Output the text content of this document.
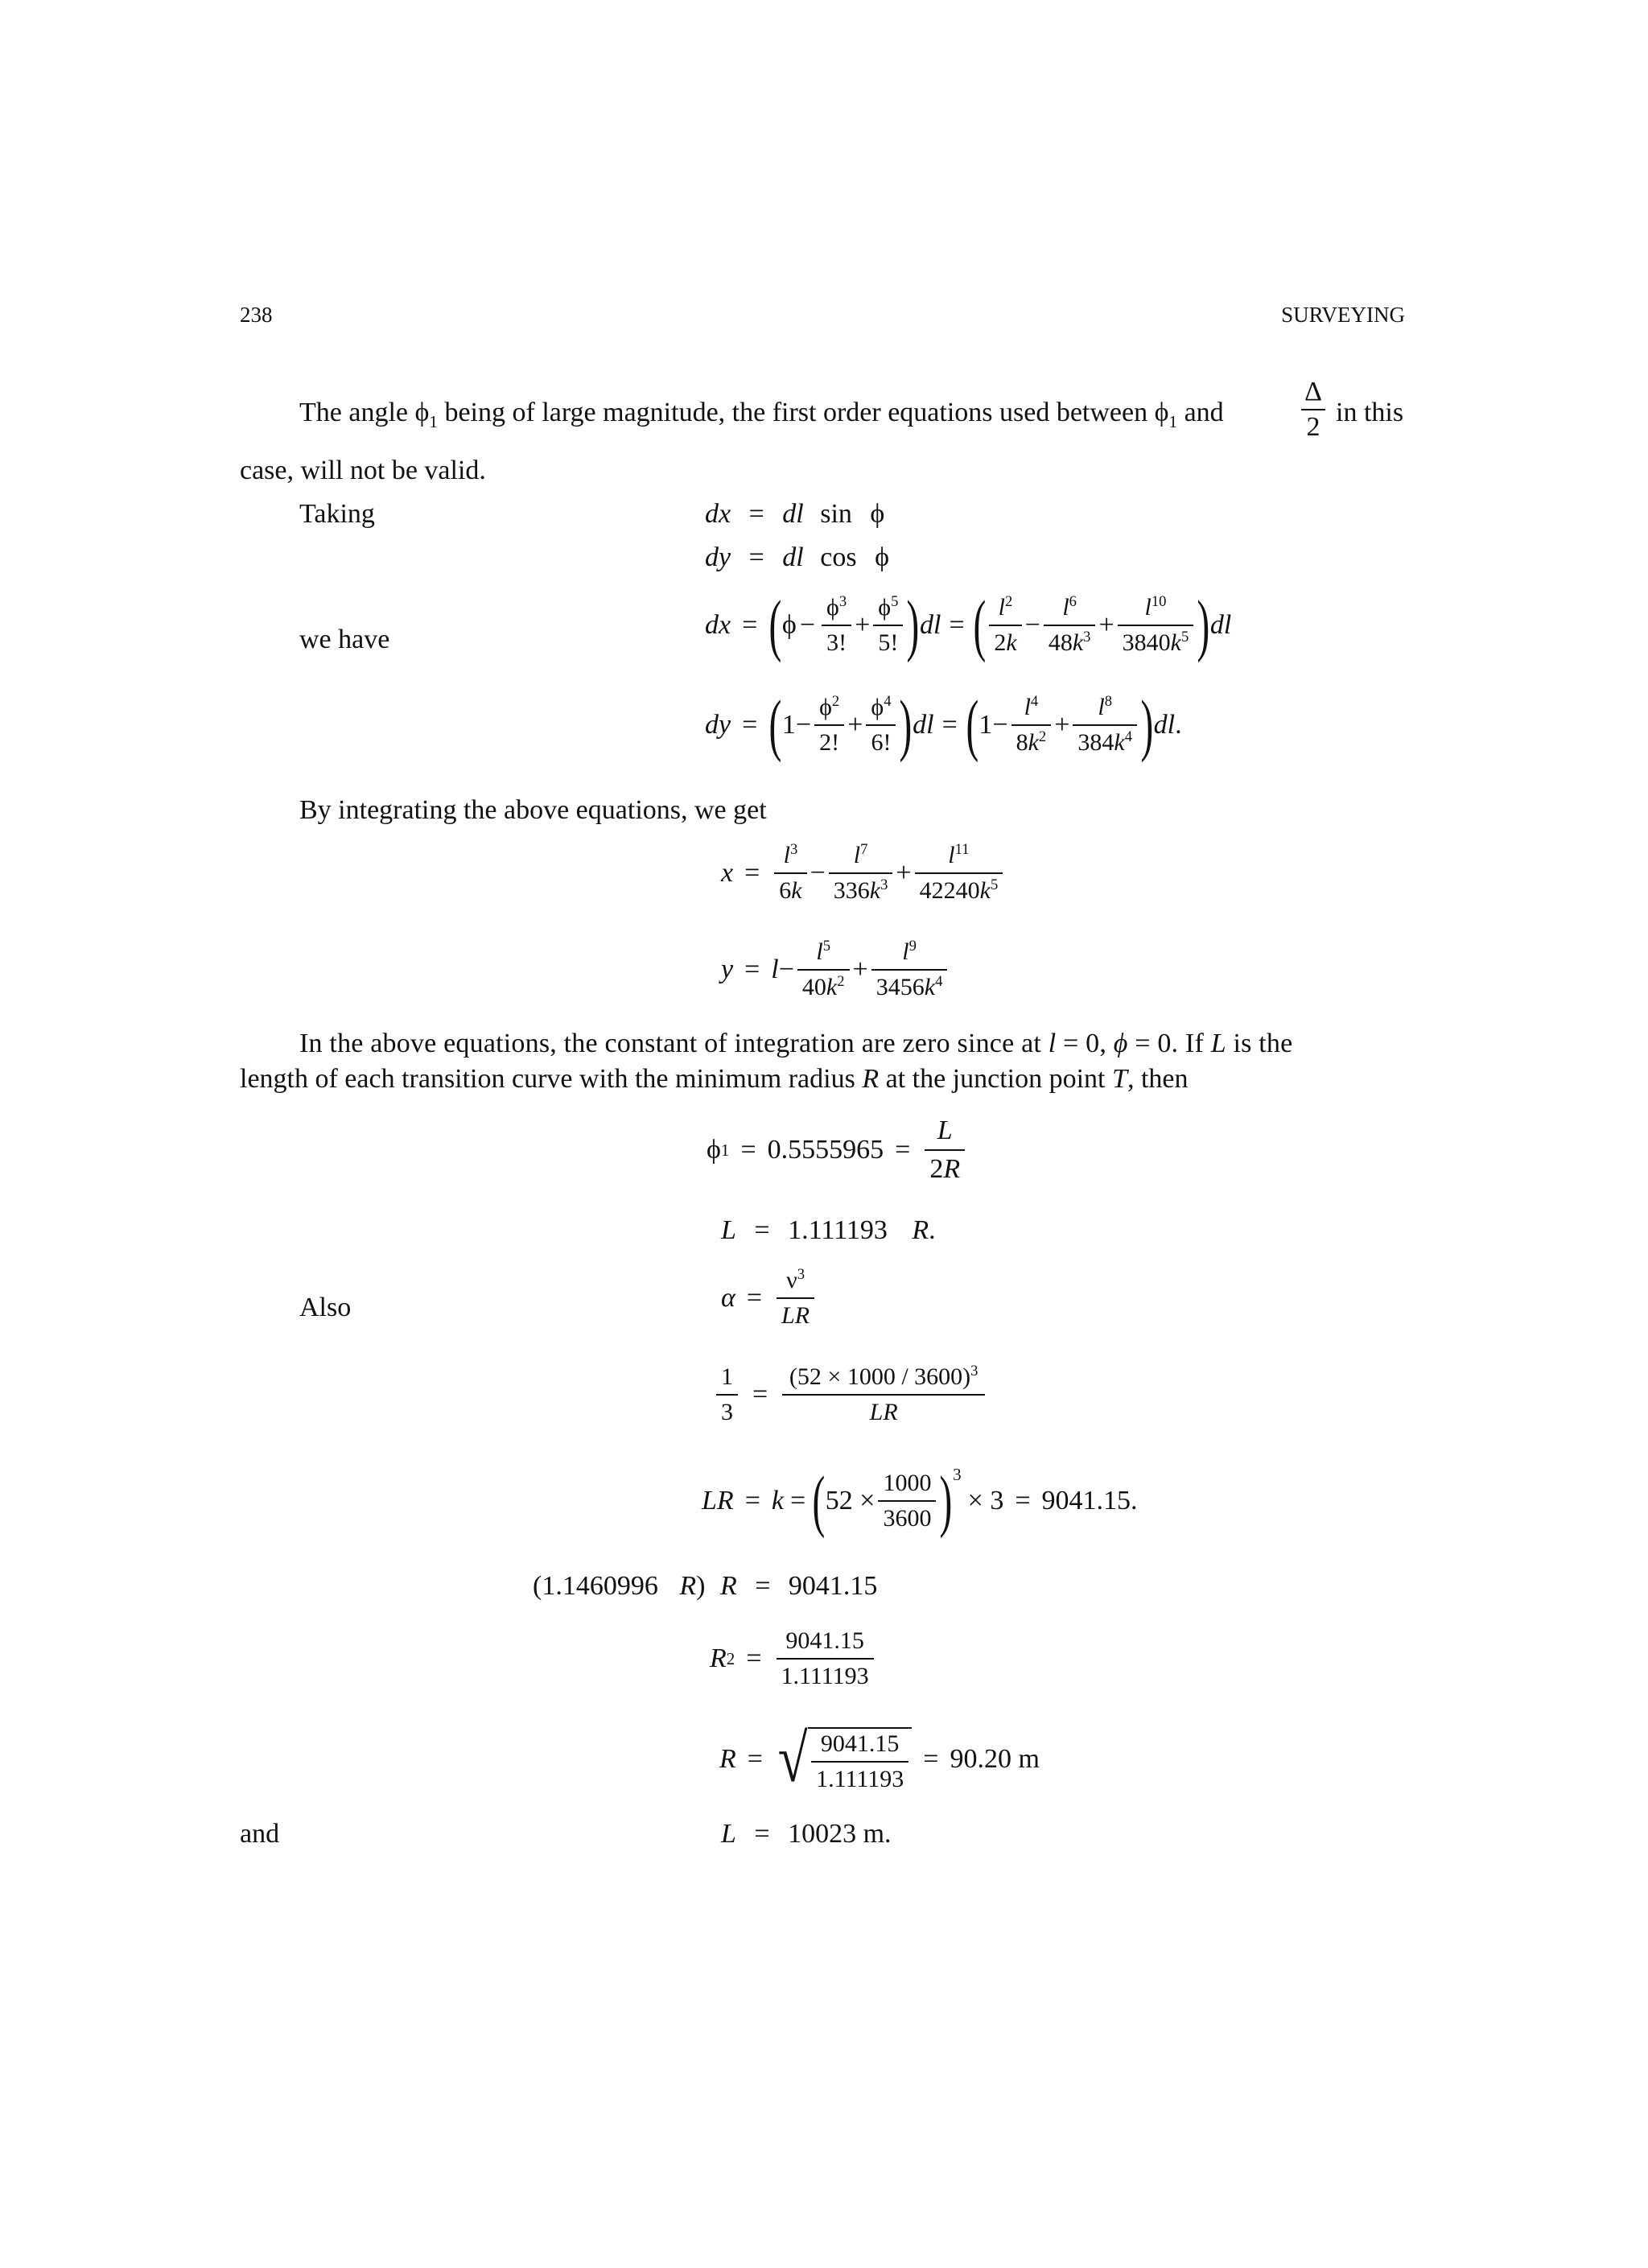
238	SURVEYING
The angle $\phi_1$ being of large magnitude, the first order equations used between $\phi_1$ and
Δ
2 in this
case, will not be valid.
Taking	dx = dl sin ϕ
dy = dl cos ϕ
we have	dx = ( $\phi - \frac{\phi^3}{3!} + \frac{\phi^5}{5!}$ ) dl = ( $\frac{l^2}{2k} - \frac{l^6}{48k^3} + \frac{l^{10}}{3840k^5}$ ) dl
dy = ( $1- \frac{\phi^2}{2!} + \frac{\phi^4}{6!}$ ) dl = ( $1- \frac{l^4}{8k^2} + \frac{l^8}{384k^4}$ ) dl .
By integrating the above equations, we get
$x = \frac{l^3}{6k} - \frac{l^7}{336k^3} + \frac{l^{11}}{42240k^5}$
$y = l - \frac{l^5}{40k^2} + \frac{l^9}{3456k^4}$
In the above equations, the constant of integration are zero since at l = 0, ϕ = 0. If L is the
length of each transition curve with the minimum radius R at the junction point T, then
ϕ $1 = 0.5555965 = \frac{L}{2R}$
L = 1.111193 R.
Also	$\alpha = \frac{\nu^3}{LR}$
$\frac{1}{3} = \frac{(52 \times 1000 / 3600)^3}{LR}$
LR = k = ( $52 \times \frac{1000}{3600}$ ) 3
× 3 = 9041.15.
(1.1460996 R) R = 9041.15
R $2 = \frac{9041.15}{1.111193}$
R = √ $\frac{9041.15}{1.111193} = 90.20$ m
and	L = 10023 m.
